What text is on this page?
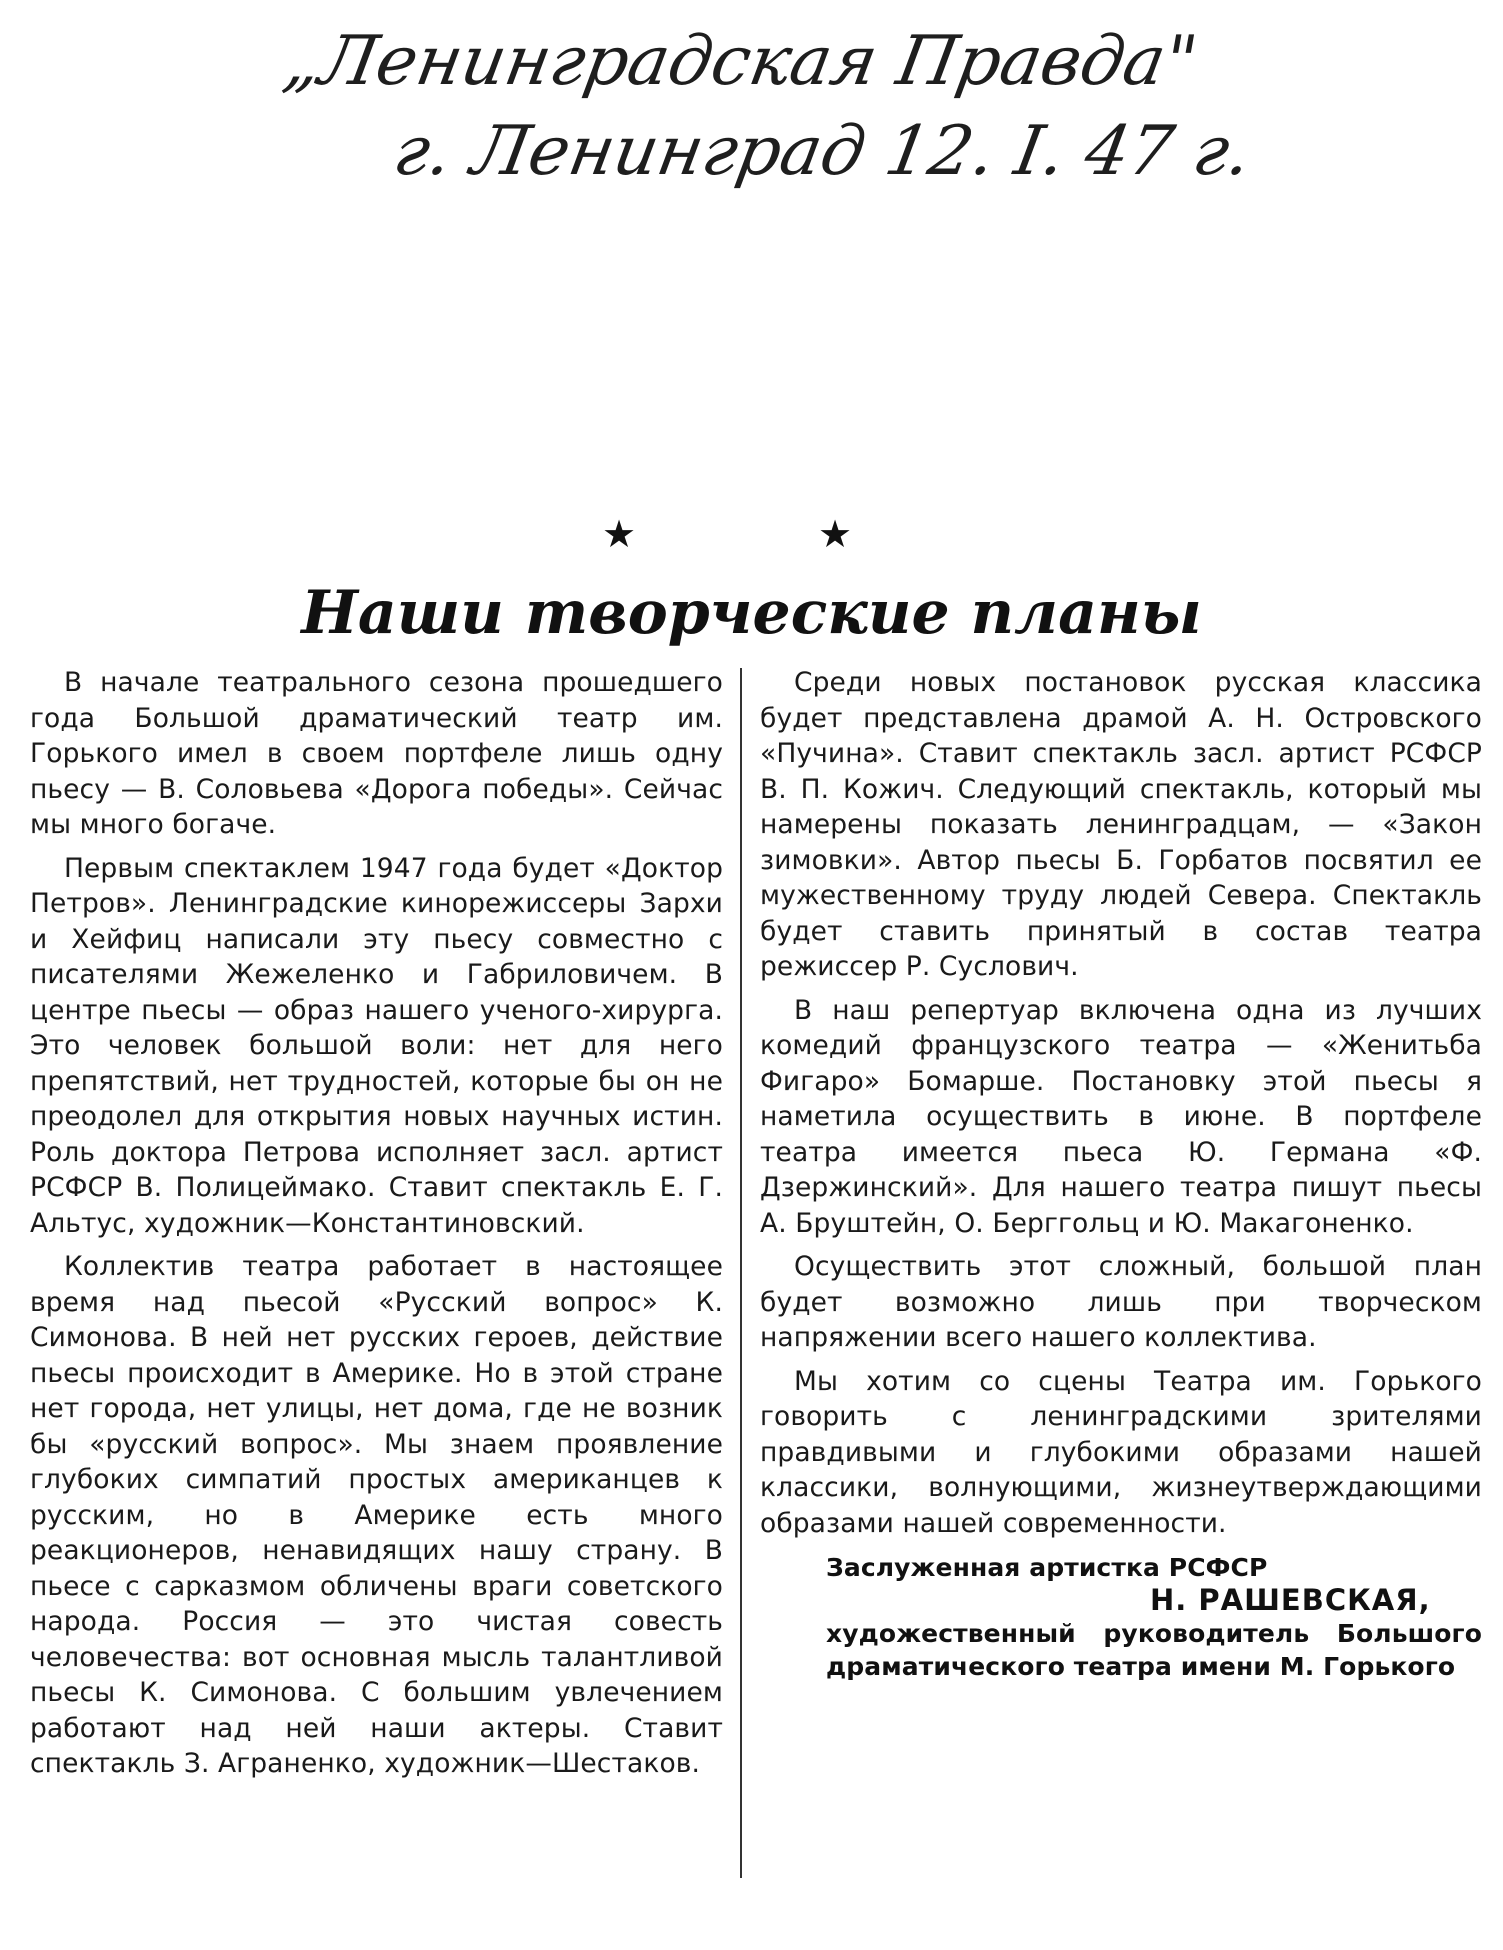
„Ленинградская Правда"

г. Ленинград 12. I. 47 г.

★	★
Наши творческие планы

В начале театрального сезона прошедшего года Большой драматический театр им. Горького имел в своем портфеле лишь одну пьесу — В. Соловьева «Дорога победы». Сейчас мы много богаче.

Первым спектаклем 1947 года будет «Доктор Петров». Ленинградские кинорежиссеры Зархи и Хейфиц написали эту пьесу совместно с писателями Жежеленко и Габриловичем. В центре пьесы — образ нашего ученого-хирурга. Это человек большой воли: нет для него препятствий, нет трудностей, которые бы он не преодолел для открытия новых научных истин. Роль доктора Петрова исполняет засл. артист РСФСР В. Полицеймако. Ставит спектакль Е. Г. Альтус, художник—Константиновский.

Коллектив театра работает в настоящее время над пьесой «Русский вопрос» К. Симонова. В ней нет русских героев, действие пьесы происходит в Америке. Но в этой стране нет города, нет улицы, нет дома, где не возник бы «русский вопрос». Мы знаем проявление глубоких симпатий простых американцев к русским, но в Америке есть много реакционеров, ненавидящих нашу страну. В пьесе с сарказмом обличены враги советского народа. Россия — это чистая совесть человечества: вот основная мысль талантливой пьесы К. Симонова. С большим увлечением работают над ней наши актеры. Ставит спектакль З. Аграненко, художник—Шестаков.

Среди новых постановок русская классика будет представлена драмой А. Н. Островского «Пучина». Ставит спектакль засл. артист РСФСР В. П. Кожич. Следующий спектакль, который мы намерены показать ленинградцам, — «Закон зимовки». Автор пьесы Б. Горбатов посвятил ее мужественному труду людей Севера. Спектакль будет ставить принятый в состав театра режиссер Р. Суслович.

В наш репертуар включена одна из лучших комедий французского театра — «Женитьба Фигаро» Бомарше. Постановку этой пьесы я наметила осуществить в июне. В портфеле театра имеется пьеса Ю. Германа «Ф. Дзержинский». Для нашего театра пишут пьесы А. Бруштейн, О. Берггольц и Ю. Макагоненко.

Осуществить этот сложный, большой план будет возможно лишь при творческом напряжении всего нашего коллектива.

Мы хотим со сцены Театра им. Горького говорить с ленинградскими зрителями правдивыми и глубокими образами нашей классики, волнующими, жизнеутверждающими образами нашей современности.

Заслуженная артистка РСФСР
Н. РАШЕВСКАЯ,
художественный руководитель Большого драматического театра имени М. Горького
